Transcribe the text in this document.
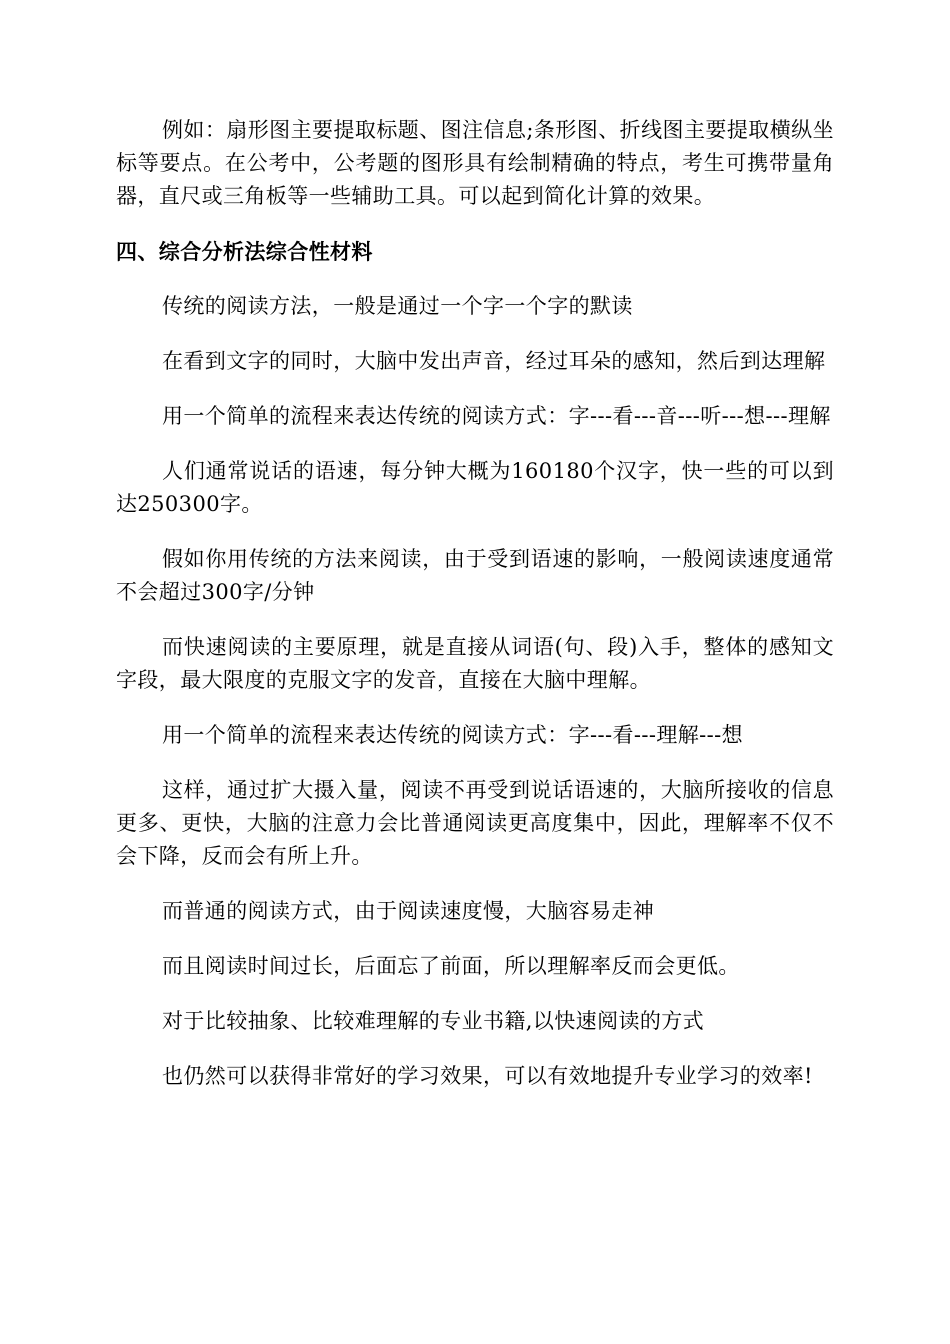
例如：扇形图主要提取标题、图注信息;条形图、折线图主要提取横纵坐标等要点。在公考中，公考题的图形具有绘制精确的特点，考生可携带量角器，直尺或三角板等一些辅助工具。可以起到简化计算的效果。

四、综合分析法综合性材料

传统的阅读方法，一般是通过一个字一个字的默读

在看到文字的同时，大脑中发出声音，经过耳朵的感知，然后到达理解

用一个简单的流程来表达传统的阅读方式：字---看---音---听---想---理解

人们通常说话的语速，每分钟大概为160180个汉字，快一些的可以到达250300字。

假如你用传统的方法来阅读，由于受到语速的影响，一般阅读速度通常不会超过300字/分钟

而快速阅读的主要原理，就是直接从词语(句、段)入手，整体的感知文字段，最大限度的克服文字的发音，直接在大脑中理解。

用一个简单的流程来表达传统的阅读方式：字---看---理解---想

这样，通过扩大摄入量，阅读不再受到说话语速的，大脑所接收的信息更多、更快，大脑的注意力会比普通阅读更高度集中，因此，理解率不仅不会下降，反而会有所上升。

而普通的阅读方式，由于阅读速度慢，大脑容易走神

而且阅读时间过长，后面忘了前面，所以理解率反而会更低。

对于比较抽象、比较难理解的专业书籍,以快速阅读的方式

也仍然可以获得非常好的学习效果，可以有效地提升专业学习的效率!
